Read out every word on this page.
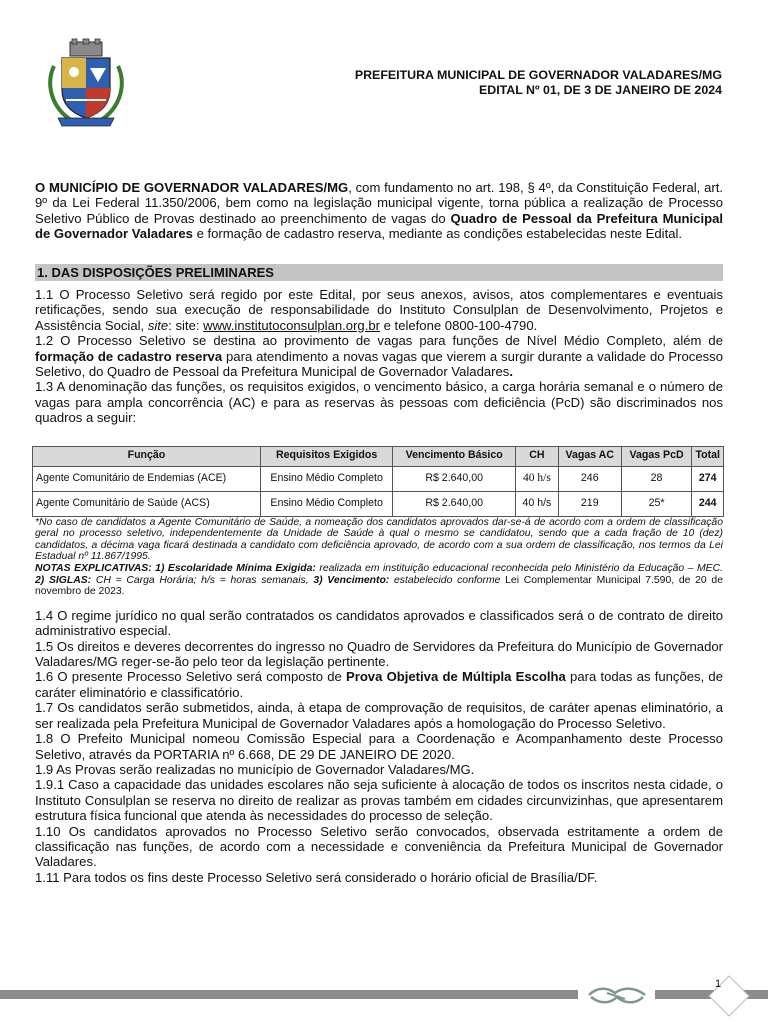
PREFEITURA MUNICIPAL DE GOVERNADOR VALADARES/MG
EDITAL Nº 01, DE 3 DE JANEIRO DE 2024

O MUNICÍPIO DE GOVERNADOR VALADARES/MG, com fundamento no art. 198, § 4º, da Constituição Federal, art. 9º da Lei Federal 11.350/2006, bem como na legislação municipal vigente, torna pública a realização de Processo Seletivo Público de Provas destinado ao preenchimento de vagas do Quadro de Pessoal da Prefeitura Municipal de Governador Valadares e formação de cadastro reserva, mediante as condições estabelecidas neste Edital.

1. DAS DISPOSIÇÕES PRELIMINARES

1.1 O Processo Seletivo será regido por este Edital, por seus anexos, avisos, atos complementares e eventuais retificações, sendo sua execução de responsabilidade do Instituto Consulplan de Desenvolvimento, Projetos e Assistência Social, site: site: www.institutoconsulplan.org.br e telefone 0800-100-4790.

1.2 O Processo Seletivo se destina ao provimento de vagas para funções de Nível Médio Completo, além de formação de cadastro reserva para atendimento a novas vagas que vierem a surgir durante a validade do Processo Seletivo, do Quadro de Pessoal da Prefeitura Municipal de Governador Valadares.

1.3 A denominação das funções, os requisitos exigidos, o vencimento básico, a carga horária semanal e o número de vagas para ampla concorrência (AC) e para as reservas às pessoas com deficiência (PcD) são discriminados nos quadros a seguir:

Função	Requisitos Exigidos	Vencimento Básico	CH	Vagas AC	Vagas PcD	Total
Agente Comunitário de Endemias (ACE)	Ensino Médio Completo	R$ 2.640,00	40 h/s	246	28	274
Agente Comunitário de Saúde (ACS)	Ensino Médio Completo	R$ 2.640,00	40 h/s	219	25*	244
*No caso de candidatos a Agente Comunitário de Saúde, a nomeação dos candidatos aprovados dar-se-á de acordo com a ordem de classificação geral no processo seletivo, independentemente da Unidade de Saúde à qual o mesmo se candidatou, sendo que a cada fração de 10 (dez) candidatos, a décima vaga ficará destinada a candidato com deficiência aprovado, de acordo com a sua ordem de classificação, nos termos da Lei Estadual nº 11.867/1995.
NOTAS EXPLICATIVAS: 1) Escolaridade Mínima Exigida: realizada em instituição educacional reconhecida pelo Ministério da Educação – MEC. 2) SIGLAS: CH = Carga Horária; h/s = horas semanais, 3) Vencimento: estabelecido conforme Lei Complementar Municipal 7.590, de 20 de novembro de 2023.

1.4 O regime jurídico no qual serão contratados os candidatos aprovados e classificados será o de contrato de direito administrativo especial.

1.5 Os direitos e deveres decorrentes do ingresso no Quadro de Servidores da Prefeitura do Município de Governador Valadares/MG reger-se-ão pelo teor da legislação pertinente.

1.6 O presente Processo Seletivo será composto de Prova Objetiva de Múltipla Escolha para todas as funções, de caráter eliminatório e classificatório.

1.7 Os candidatos serão submetidos, ainda, à etapa de comprovação de requisitos, de caráter apenas eliminatório, a ser realizada pela Prefeitura Municipal de Governador Valadares após a homologação do Processo Seletivo.

1.8 O Prefeito Municipal nomeou Comissão Especial para a Coordenação e Acompanhamento deste Processo Seletivo, através da PORTARIA nº 6.668, DE 29 DE JANEIRO DE 2020.

1.9 As Provas serão realizadas no município de Governador Valadares/MG.

1.9.1 Caso a capacidade das unidades escolares não seja suficiente à alocação de todos os inscritos nesta cidade, o Instituto Consulplan se reserva no direito de realizar as provas também em cidades circunvizinhas, que apresentarem estrutura física funcional que atenda às necessidades do processo de seleção.

1.10 Os candidatos aprovados no Processo Seletivo serão convocados, observada estritamente a ordem de classificação nas funções, de acordo com a necessidade e conveniência da Prefeitura Municipal de Governador Valadares.

1.11 Para todos os fins deste Processo Seletivo será considerado o horário oficial de Brasília/DF.

1
